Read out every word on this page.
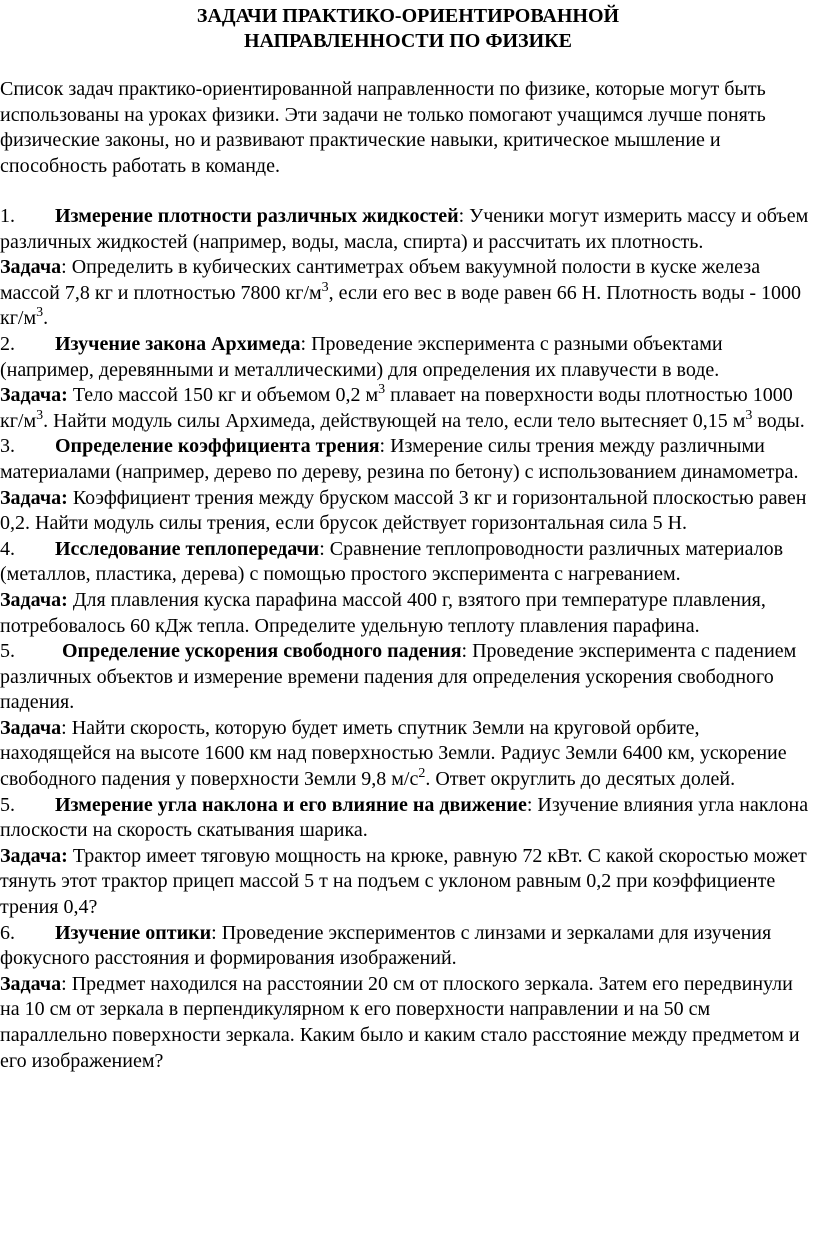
ЗАДАЧИ ПРАКТИКО-ОРИЕНТИРОВАННОЙ
НАПРАВЛЕННОСТИ ПО ФИЗИКЕ

Список задач практико-ориентированной направленности по физике, которые могут быть использованы на уроках физики. Эти задачи не только помогают учащимся лучше понять физические законы, но и развивают практические навыки, критическое мышление и способность работать в команде.

1. Измерение плотности различных жидкостей: Ученики могут измерить массу и объем различных жидкостей (например, воды, масла, спирта) и рассчитать их плотность.

Задача: Определить в кубических сантиметрах объем вакуумной полости в куске железа массой 7,8 кг и плотностью 7800 $кг/м^3$, если его вес в воде равен 66 Н. Плотность воды - 1000 $кг/м^3$.

2. Изучение закона Архимеда: Проведение эксперимента с разными объектами (например, деревянными и металлическими) для определения их плавучести в воде.

Задача: Тело массой 150 кг и объемом 0,2 $м^3$ плавает на поверхности воды плотностью 1000 $кг/м^3$. Найти модуль силы Архимеда, действующей на тело, если тело вытесняет 0,15 $м^3$ воды.

3. Определение коэффициента трения: Измерение силы трения между различными материалами (например, дерево по дереву, резина по бетону) с использованием динамометра.

Задача: Коэффициент трения между бруском массой 3 кг и горизонтальной плоскостью равен 0,2. Найти модуль силы трения, если брусок действует горизонтальная сила 5 Н.

4. Исследование теплопередачи: Сравнение теплопроводности различных материалов (металлов, пластика, дерева) с помощью простого эксперимента с нагреванием.

Задача: Для плавления куска парафина массой 400 г, взятого при температуре плавления, потребовалось 60 кДж тепла. Определите удельную теплоту плавления парафина.

5. Определение ускорения свободного падения: Проведение эксперимента с падением различных объектов и измерение времени падения для определения ускорения свободного падения.

Задача: Найти скорость, которую будет иметь спутник Земли на круговой орбите, находящейся на высоте 1600 км над поверхностью Земли. Радиус Земли 6400 км, ускорение свободного падения у поверхности Земли 9,8 $м/с^2$. Ответ округлить до десятых долей.

5. Измерение угла наклона и его влияние на движение: Изучение влияния угла наклона плоскости на скорость скатывания шарика.

Задача: Трактор имеет тяговую мощность на крюке, равную 72 кВт. С какой скоростью может тянуть этот трактор прицеп массой 5 т на подъем с уклоном равным 0,2 при коэффициенте трения 0,4?

6. Изучение оптики: Проведение экспериментов с линзами и зеркалами для изучения фокусного расстояния и формирования изображений.

Задача: Предмет находился на расстоянии 20 см от плоского зеркала. Затем его передвинули на 10 см от зеркала в перпендикулярном к его поверхности направлении и на 50 см параллельно поверхности зеркала. Каким было и каким стало расстояние между предметом и его изображением?
